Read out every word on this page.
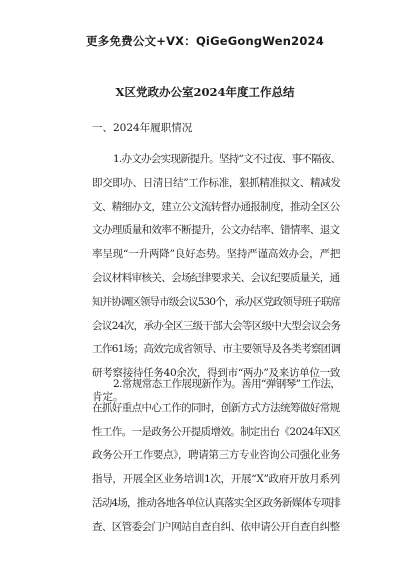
更多免费公文+VX：QiGeGongWen2024
X区党政办公室2024年度工作总结
一、2024年履职情况
1.办文办会实现新提升。坚持“文不过夜、事不隔夜、
即交即办、日清日结”工作标准，狠抓精准拟文、精减发
文、精细办文，建立公文流转督办通报制度，推动全区公
文办理质量和效率不断提升，公文办结率、错情率、退文
率呈现“一升两降”良好态势。坚持严谨高效办会，严把
会议材料审核关、会场纪律要求关、会议纪要质量关，通
知并协调区领导市级会议530个，承办区党政领导班子联席
会议24次，承办全区三级干部大会等区级中大型会议会务
工作61场；高效完成省领导、市主要领导及各类考察团调
研考察接待任务40余次，得到市“两办”及来访单位一致
肯定。
2.常规常态工作展现新作为。善用“弹钢琴”工作法，
在抓好重点中心工作的同时，创新方式方法统筹做好常规
性工作。一是政务公开提质增效。制定出台《2024年X区
政务公开工作要点》，聘请第三方专业咨询公司强化业务
指导，开展全区业务培训1次，开展“X”政府开放月系列
活动4场，推动各地各单位认真落实全区政务新媒体专项排
查、区管委会门户网站自查自纠、依申请公开自查自纠整
